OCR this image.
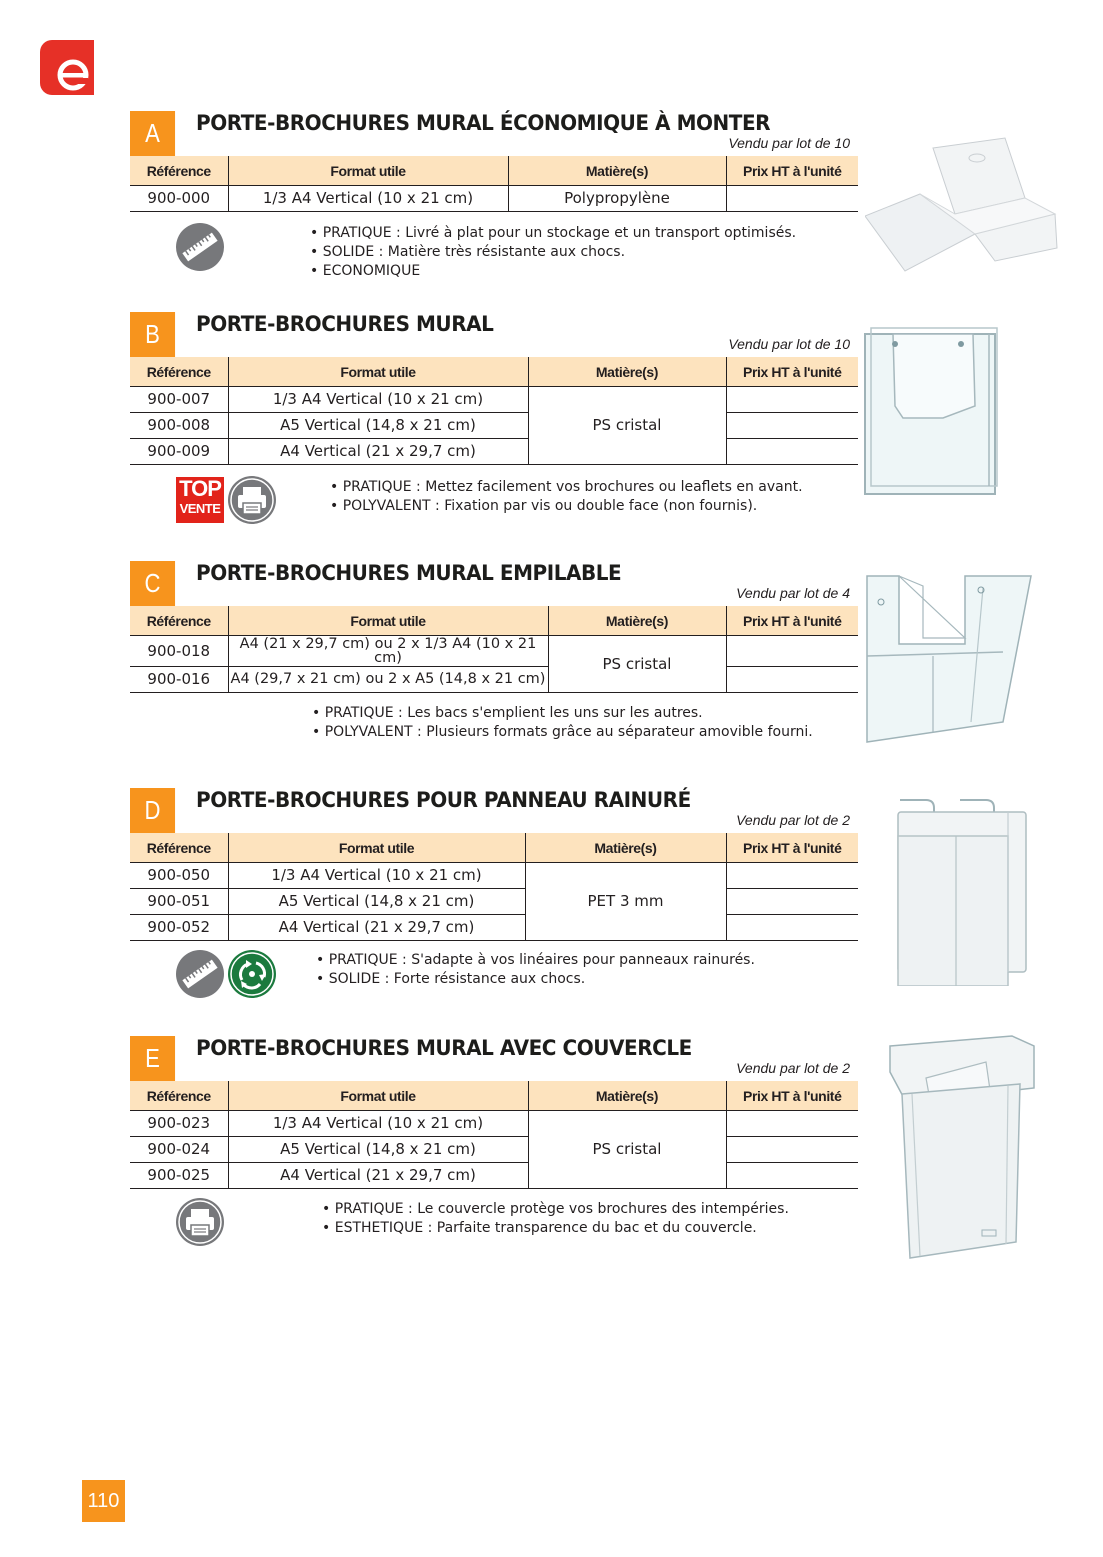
A	PORTE-BROCHURES MURAL ÉCONOMIQUE À MONTER
Vendu par lot de 10
Référence	Format utile	Matière(s)	Prix HT à l'unité
900-000	1/3 A4 Vertical (10 x 21 cm)	Polypropylène	
• PRATIQUE : Livré à plat pour un stockage et un transport optimisés.
• SOLIDE : Matière très résistante aux chocs.
• ECONOMIQUE
B	PORTE-BROCHURES MURAL
Vendu par lot de 10
Référence	Format utile	Matière(s)	Prix HT à l'unité
900-007	1/3 A4 Vertical (10 x 21 cm)	PS cristal	
900-008	A5 Vertical (14,8 x 21 cm)		
900-009	A4 Vertical (21 x 29,7 cm)		
TOP
VENTE
• PRATIQUE : Mettez facilement vos brochures ou leaflets en avant.
• POLYVALENT : Fixation par vis ou double face (non fournis).
C	PORTE-BROCHURES MURAL EMPILABLE
Vendu par lot de 4
Référence	Format utile	Matière(s)	Prix HT à l'unité
900-018	A4 (21 x 29,7 cm) ou 2 x 1/3 A4 (10 x 21 cm)	PS cristal	
900-016	A4 (29,7 x 21 cm) ou 2 x A5 (14,8 x 21 cm)		
• PRATIQUE : Les bacs s'emplient les uns sur les autres.
• POLYVALENT : Plusieurs formats grâce au séparateur amovible fourni.
D	PORTE-BROCHURES POUR PANNEAU RAINURÉ
Vendu par lot de 2
Référence	Format utile	Matière(s)	Prix HT à l'unité
900-050	1/3 A4 Vertical (10 x 21 cm)	PET 3 mm	
900-051	A5 Vertical (14,8 x 21 cm)		
900-052	A4 Vertical (21 x 29,7 cm)		
• PRATIQUE : S'adapte à vos linéaires pour panneaux rainurés.
• SOLIDE : Forte résistance aux chocs.
E	PORTE-BROCHURES MURAL AVEC COUVERCLE
Vendu par lot de 2
Référence	Format utile	Matière(s)	Prix HT à l'unité
900-023	1/3 A4 Vertical (10 x 21 cm)	PS cristal	
900-024	A5 Vertical (14,8 x 21 cm)		
900-025	A4 Vertical (21 x 29,7 cm)		
• PRATIQUE : Le couvercle protège vos brochures des intempéries.
• ESTHETIQUE : Parfaite transparence du bac et du couvercle.
110
